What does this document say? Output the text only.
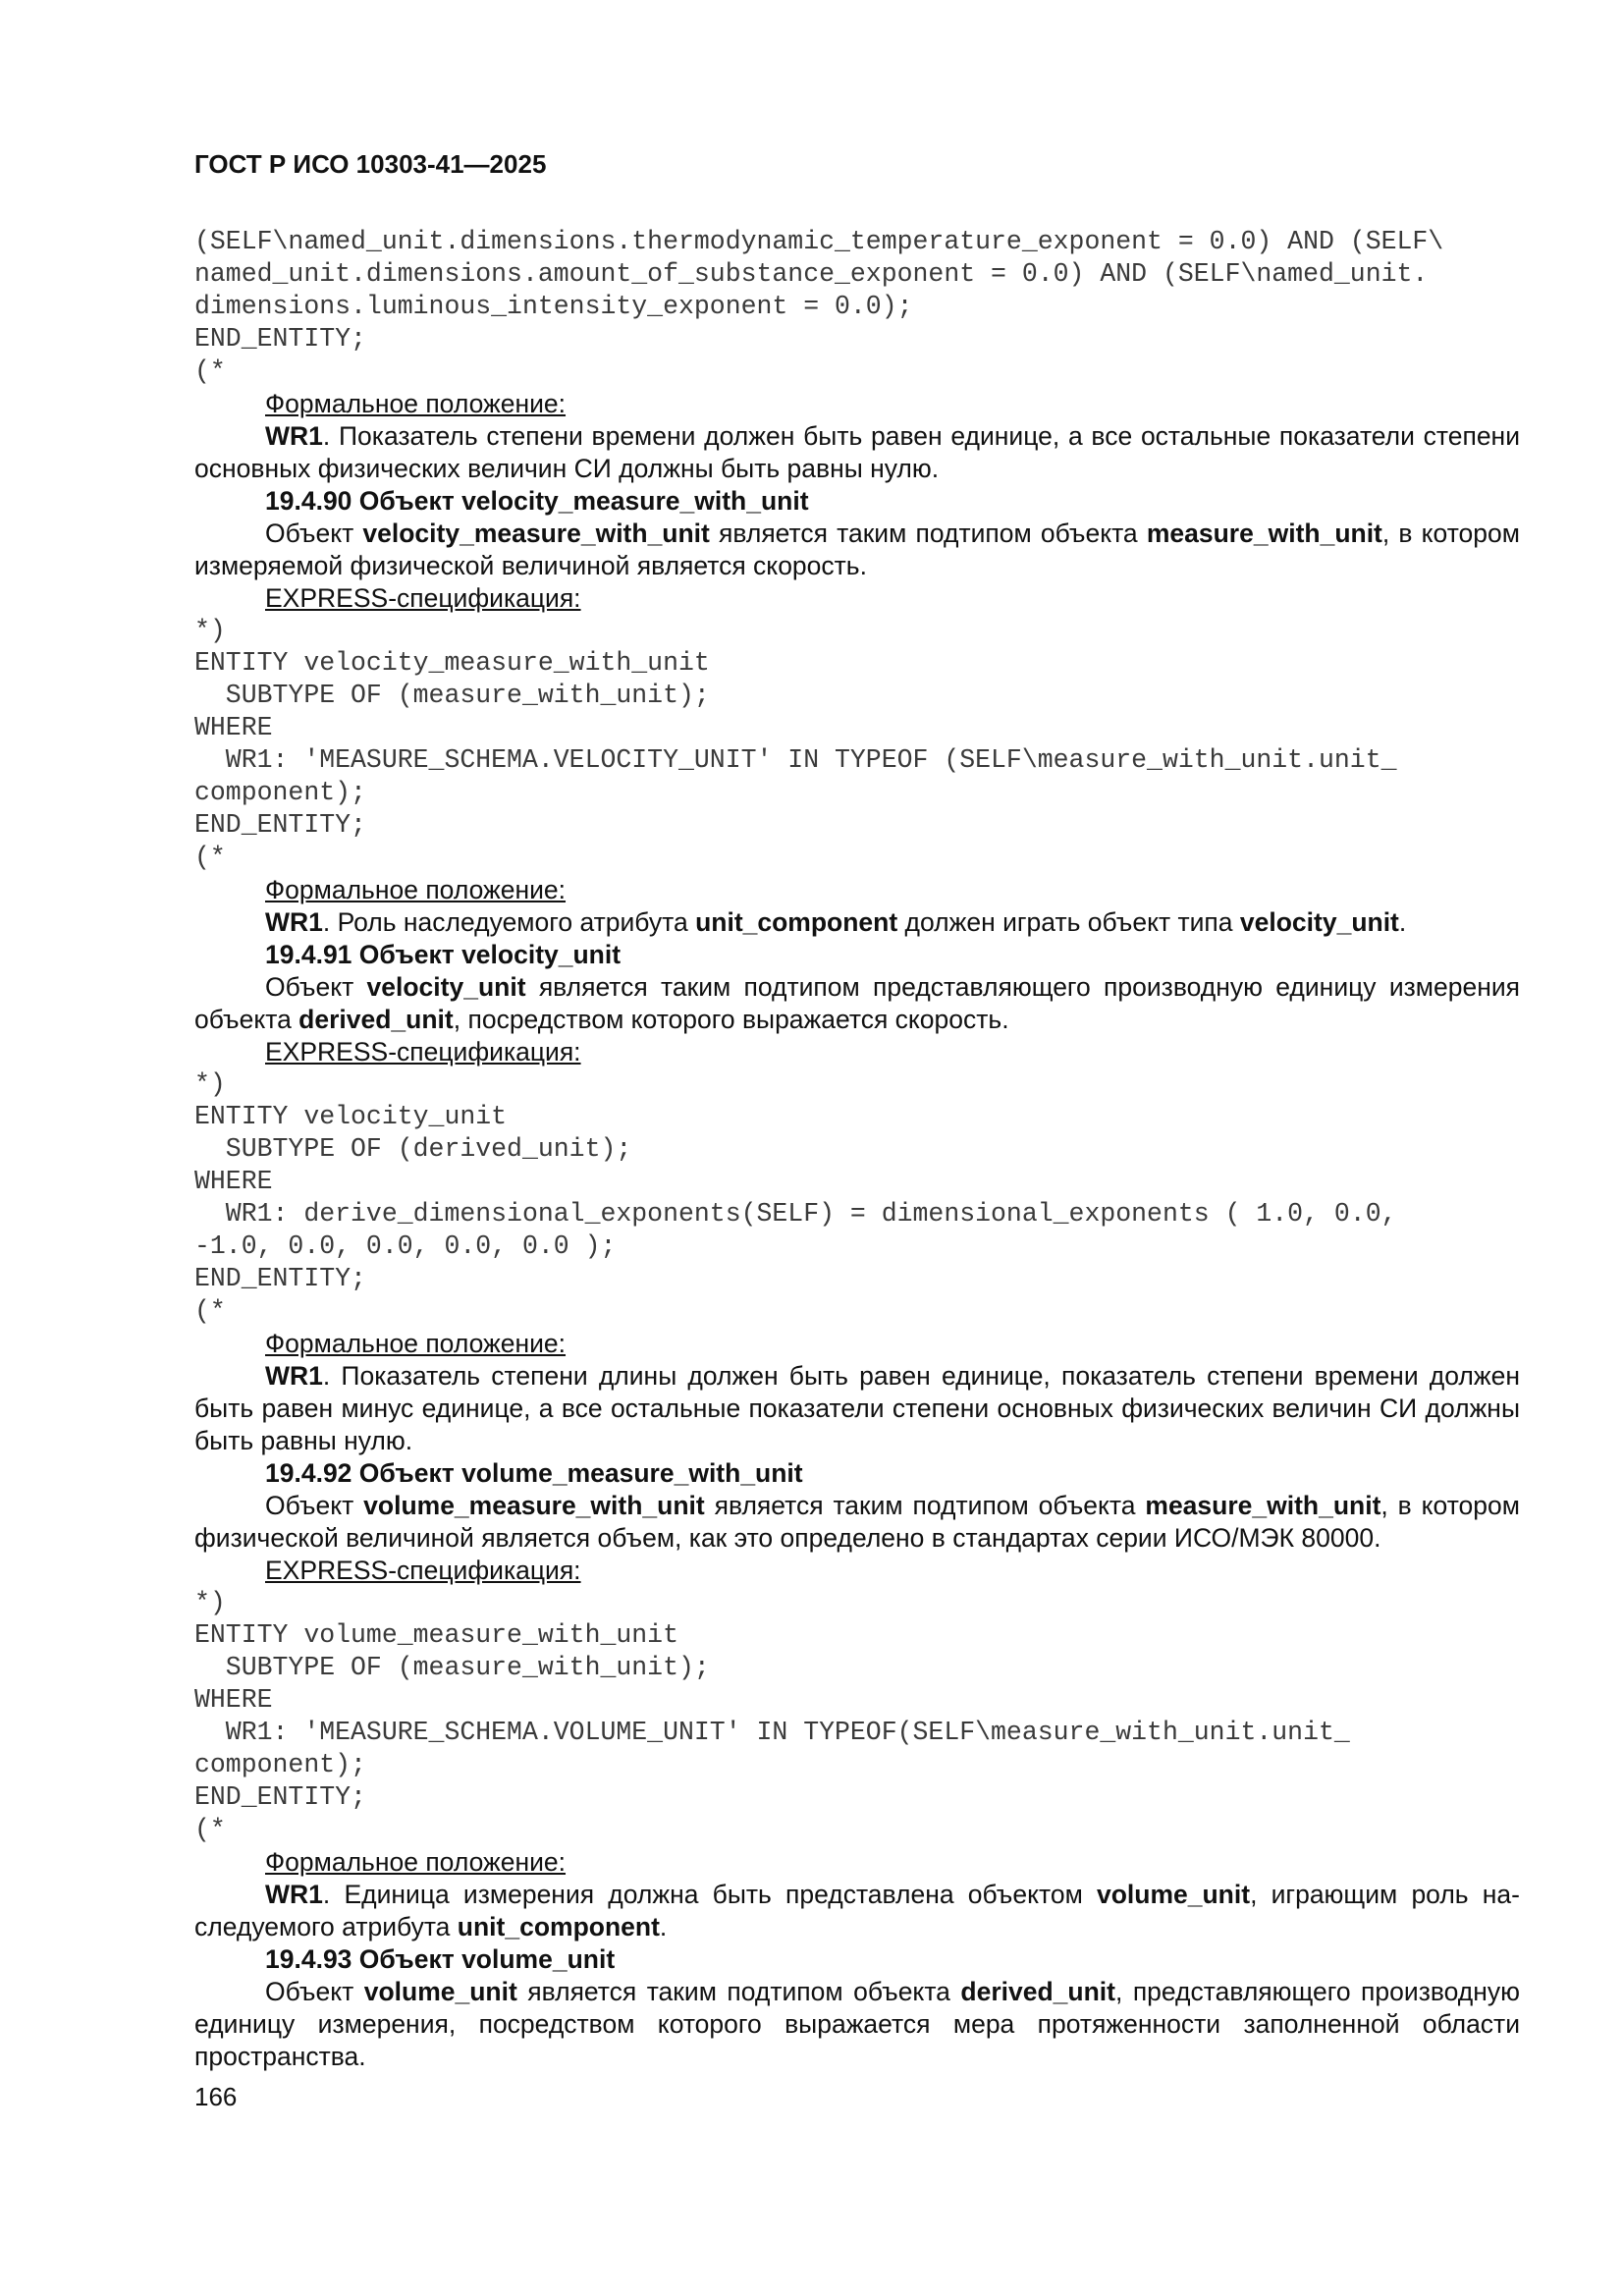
ГОСТ Р ИСО 10303-41—2025
(SELF\named_unit.dimensions.thermodynamic_temperature_exponent = 0.0) AND (SELF\
named_unit.dimensions.amount_of_substance_exponent = 0.0) AND (SELF\named_unit.
dimensions.luminous_intensity_exponent = 0.0);
END_ENTITY;
(*

Формальное положение:

WR1. Показатель степени времени должен быть равен единице, а все остальные показатели степени основных физических величин СИ должны быть равны нулю.

19.4.90 Объект velocity_measure_with_unit

Объект velocity_measure_with_unit является таким подтипом объекта measure_with_unit, в котором измеряемой физической величиной является скорость.

EXPRESS-спецификация:

*)
ENTITY velocity_measure_with_unit
SUBTYPE OF (measure_with_unit);
WHERE
WR1: 'MEASURE_SCHEMA.VELOCITY_UNIT' IN TYPEOF (SELF\measure_with_unit.unit_
component);
END_ENTITY;
(*

Формальное положение:

WR1. Роль наследуемого атрибута unit_component должен играть объект типа velocity_unit.

19.4.91 Объект velocity_unit

Объект velocity_unit является таким подтипом представляющего производную единицу измерения объекта derived_unit, посредством которого выражается скорость.

EXPRESS-спецификация:

*)
ENTITY velocity_unit
SUBTYPE OF (derived_unit);
WHERE
WR1: derive_dimensional_exponents(SELF) = dimensional_exponents ( 1.0, 0.0,
-1.0, 0.0, 0.0, 0.0, 0.0 );
END_ENTITY;
(*

Формальное положение:

WR1. Показатель степени длины должен быть равен единице, показатель степени времени должен быть равен минус единице, а все остальные показатели степени основных физических величин СИ должны быть равны нулю.

19.4.92 Объект volume_measure_with_unit

Объект volume_measure_with_unit является таким подтипом объекта measure_with_unit, в котором физической величиной является объем, как это определено в стандартах серии ИСО/МЭК 80000.

EXPRESS-спецификация:

*)
ENTITY volume_measure_with_unit
SUBTYPE OF (measure_with_unit);
WHERE
WR1: 'MEASURE_SCHEMA.VOLUME_UNIT' IN TYPEOF(SELF\measure_with_unit.unit_
component);
END_ENTITY;
(*

Формальное положение:

WR1. Единица измерения должна быть представлена объектом volume_unit, играющим роль наследуемого атрибута unit_component.

19.4.93 Объект volume_unit

Объект volume_unit является таким подтипом объекта derived_unit, представляющего производную единицу измерения, посредством которого выражается мера протяженности заполненной области пространства.

166
